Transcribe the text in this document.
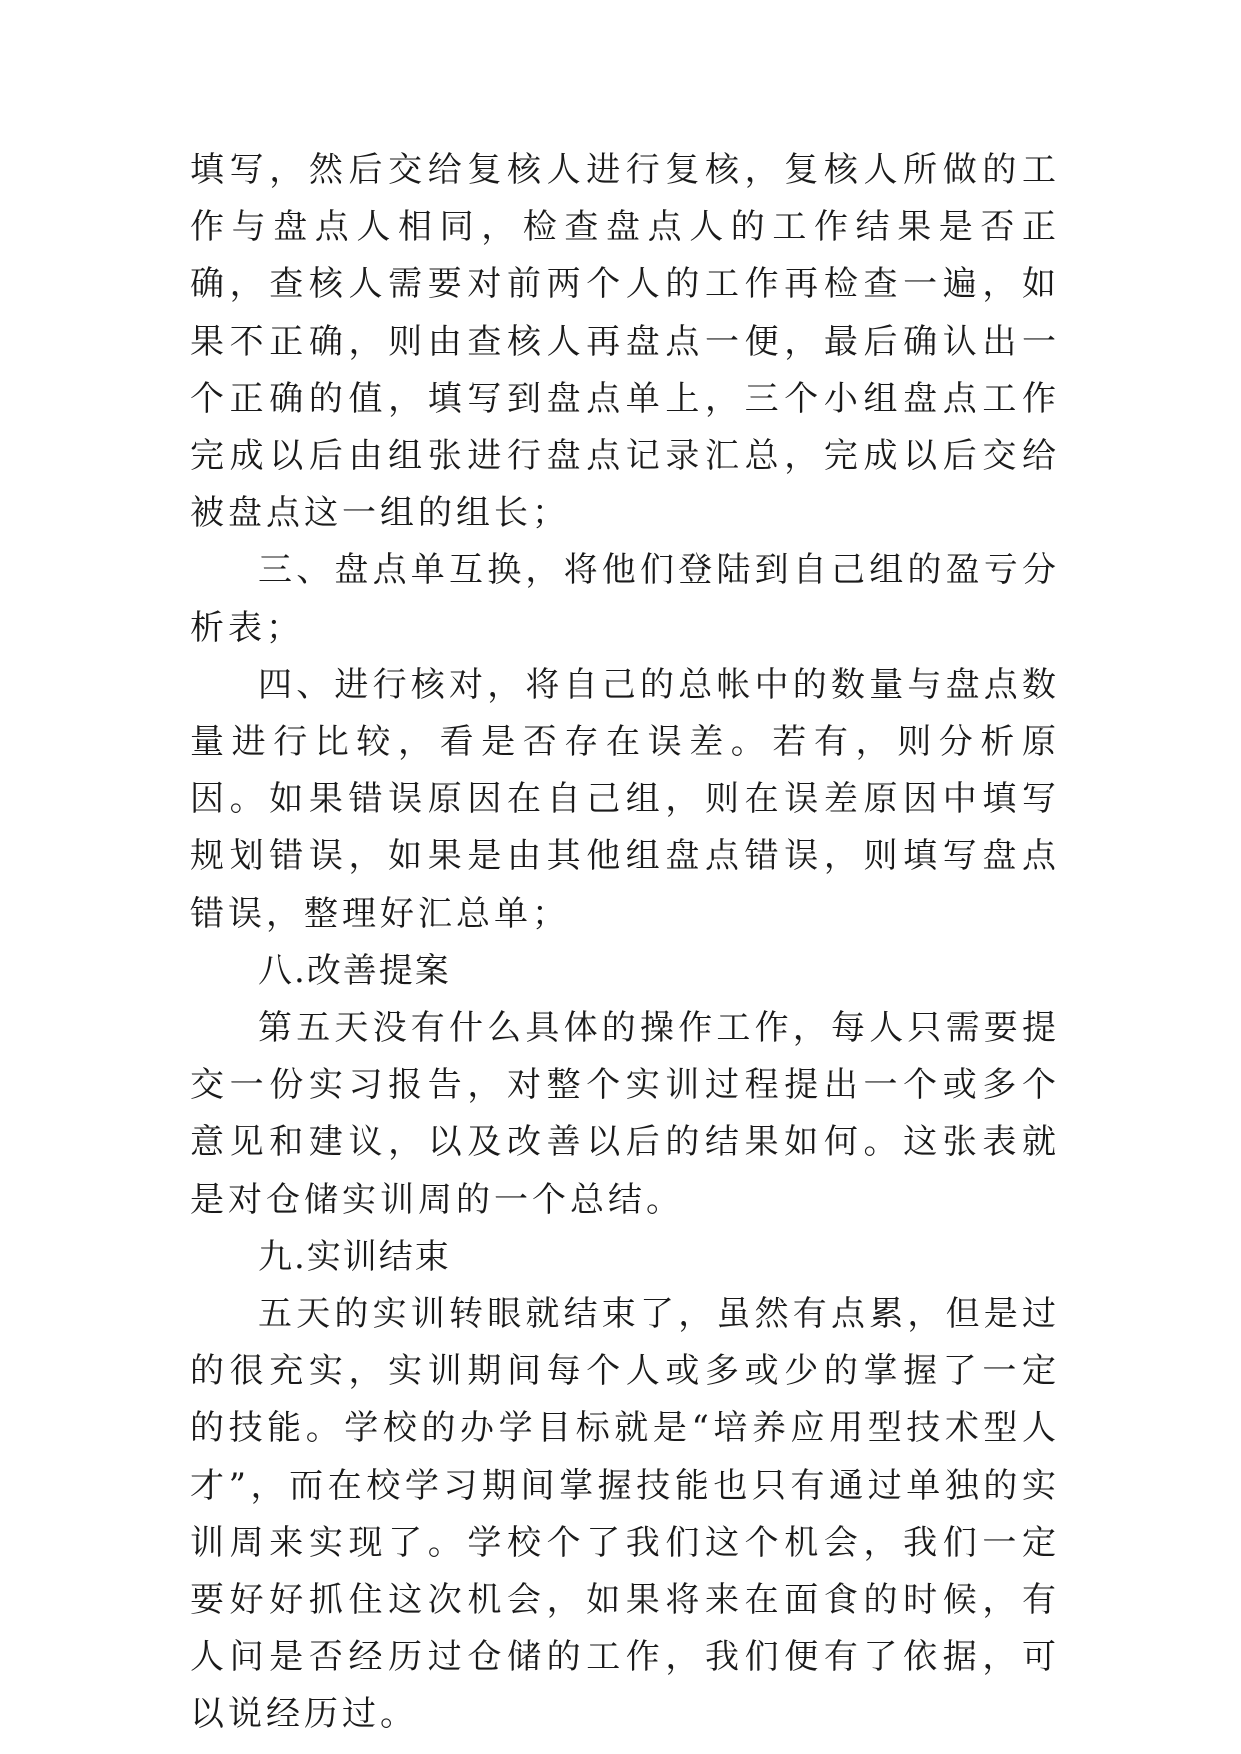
填写，然后交给复核人进行复核，复核人所做的工作与盘点人相同，检查盘点人的工作结果是否正确，查核人需要对前两个人的工作再检查一遍，如果不正确，则由查核人再盘点一便，最后确认出一个正确的值，填写到盘点单上，三个小组盘点工作完成以后由组张进行盘点记录汇总，完成以后交给被盘点这一组的组长；

三、盘点单互换，将他们登陆到自己组的盈亏分析表；

四、进行核对，将自己的总帐中的数量与盘点数量进行比较，看是否存在误差。若有，则分析原因。如果错误原因在自己组，则在误差原因中填写规划错误，如果是由其他组盘点错误，则填写盘点错误，整理好汇总单；

八.改善提案

第五天没有什么具体的操作工作，每人只需要提交一份实习报告，对整个实训过程提出一个或多个意见和建议，以及改善以后的结果如何。这张表就是对仓储实训周的一个总结。

九.实训结束

五天的实训转眼就结束了，虽然有点累，但是过的很充实，实训期间每个人或多或少的掌握了一定的技能。学校的办学目标就是“培养应用型技术型人才”，而在校学习期间掌握技能也只有通过单独的实训周来实现了。学校个了我们这个机会，我们一定要好好抓住这次机会，如果将来在面食的时候，有人问是否经历过仓储的工作，我们便有了依据，可以说经历过。
